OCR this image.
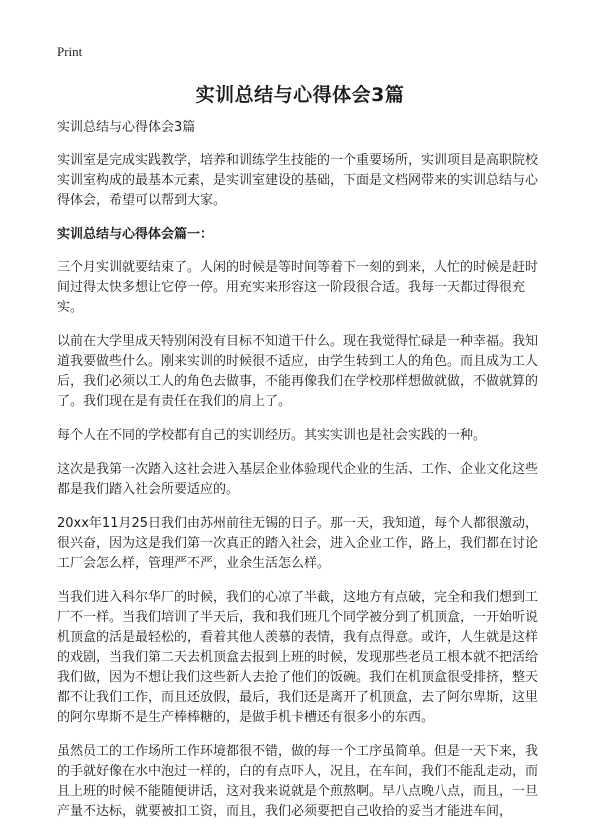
Print
实训总结与心得体会3篇

实训总结与心得体会3篇

实训室是完成实践教学，培养和训练学生技能的一个重要场所，实训项目是高职院校实训室构成的最基本元素，是实训室建设的基础，下面是文档网带来的实训总结与心得体会，希望可以帮到大家。

实训总结与心得体会篇一：

三个月实训就要结束了。人闲的时候是等时间等着下一刻的到来，人忙的时候是赶时间过得太快多想让它停一停。用充实来形容这一阶段很合适。我每一天都过得很充实。

以前在大学里成天特别闲没有目标不知道干什么。现在我觉得忙碌是一种幸福。我知道我要做些什么。刚来实训的时候很不适应，由学生转到工人的角色。而且成为工人后，我们必须以工人的角色去做事，不能再像我们在学校那样想做就做，不做就算的了。我们现在是有责任在我们的肩上了。

每个人在不同的学校都有自己的实训经历。其实实训也是社会实践的一种。

这次是我第一次踏入这社会进入基层企业体验现代企业的生活、工作、企业文化这些都是我们踏入社会所要适应的。

20xx年11月25日我们由苏州前往无锡的日子。那一天，我知道，每个人都很激动，很兴奋，因为这是我们第一次真正的踏入社会，进入企业工作，路上，我们都在讨论工厂会怎么样，管理严不严，业余生活怎么样。

当我们进入科尔华厂的时候，我们的心凉了半截，这地方有点破，完全和我们想到工厂不一样。当我们培训了半天后，我和我们班几个同学被分到了机顶盒，一开始听说机顶盒的活是最轻松的，看着其他人羡慕的表情，我有点得意。或许，人生就是这样的戏剧，当我们第二天去机顶盒去报到上班的时候，发现那些老员工根本就不把活给我们做，因为不想让我们这些新人去抢了他们的饭碗。我们在机顶盒很受排挤，整天都不让我们工作，而且还放假，最后，我们还是离开了机顶盒，去了阿尔卑斯，这里的阿尔卑斯不是生产棒棒糖的，是做手机卡槽还有很多小的东西。

虽然员工的工作场所工作环境都很不错，做的每一个工序虽简单。但是一天下来，我的手就好像在水中泡过一样的，白的有点吓人，况且，在车间，我们不能乱走动，而且上班的时候不能随便讲话，这对我来说就是个煎熬啊。早八点晚八点，而且，一旦产量不达标，就要被扣工资，而且，我们必须要把自己收拾的妥当才能进车间，
